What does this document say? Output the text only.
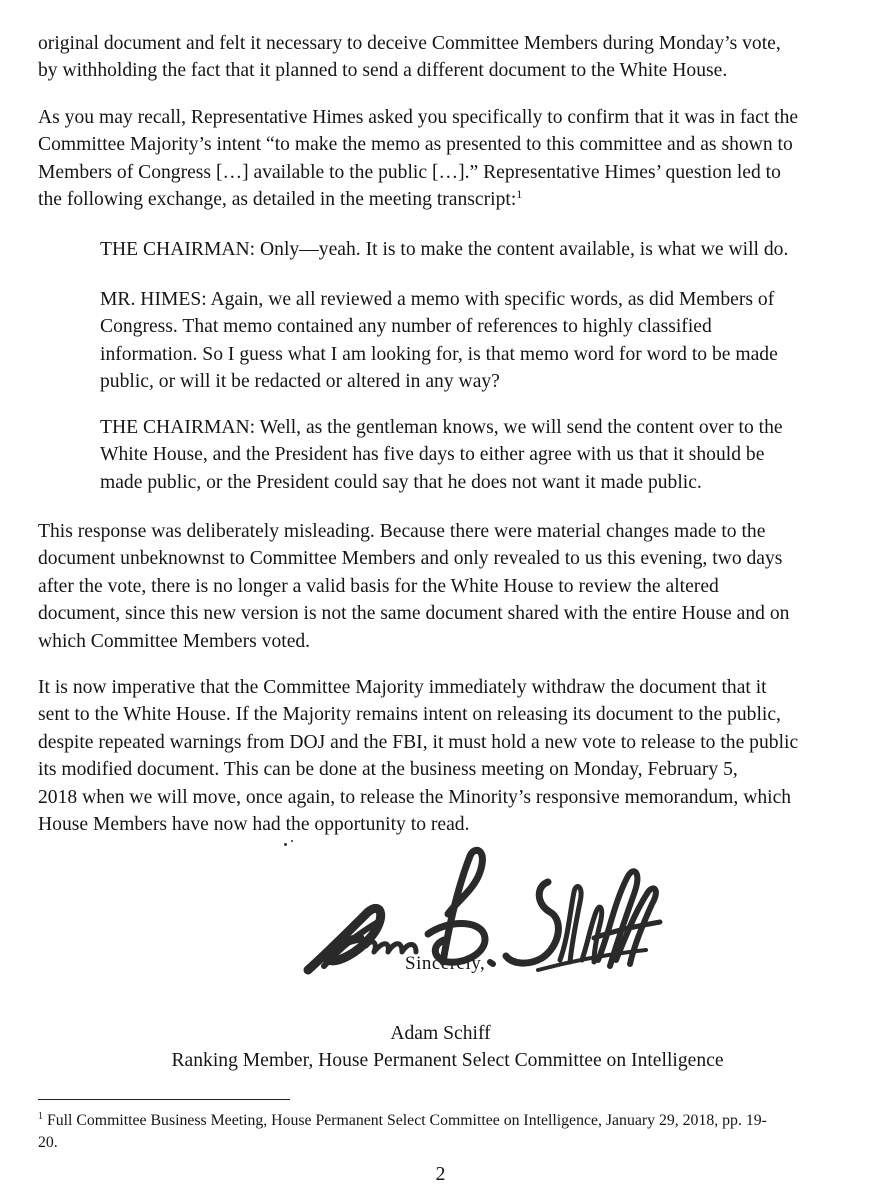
original document and felt it necessary to deceive Committee Members during Monday’s vote,
by withholding the fact that it planned to send a different document to the White House.

As you may recall, Representative Himes asked you specifically to confirm that it was in fact the
Committee Majority’s intent “to make the memo as presented to this committee and as shown to
Members of Congress […] available to the public […].” Representative Himes’ question led to
the following exchange, as detailed in the meeting transcript:$^1$

THE CHAIRMAN: Only—yeah. It is to make the content available, is what we will do.

MR. HIMES: Again, we all reviewed a memo with specific words, as did Members of
Congress. That memo contained any number of references to highly classified
information. So I guess what I am looking for, is that memo word for word to be made
public, or will it be redacted or altered in any way?

THE CHAIRMAN: Well, as the gentleman knows, we will send the content over to the
White House, and the President has five days to either agree with us that it should be
made public, or the President could say that he does not want it made public.

This response was deliberately misleading. Because there were material changes made to the
document unbeknownst to Committee Members and only revealed to us this evening, two days
after the vote, there is no longer a valid basis for the White House to review the altered
document, since this new version is not the same document shared with the entire House and on
which Committee Members voted.

It is now imperative that the Committee Majority immediately withdraw the document that it
sent to the White House. If the Majority remains intent on releasing its document to the public,
despite repeated warnings from DOJ and the FBI, it must hold a new vote to release to the public
its modified document. This can be done at the business meeting on Monday, February 5,
2018 when we will move, once again, to release the Minority’s responsive memorandum, which
House Members have now had the opportunity to read.

Sincerely,
Adam Schiff
Ranking Member, House Permanent Select Committee on Intelligence

$^1$ Full Committee Business Meeting, House Permanent Select Committee on Intelligence, January 29, 2018, pp. 19-
20.

2
